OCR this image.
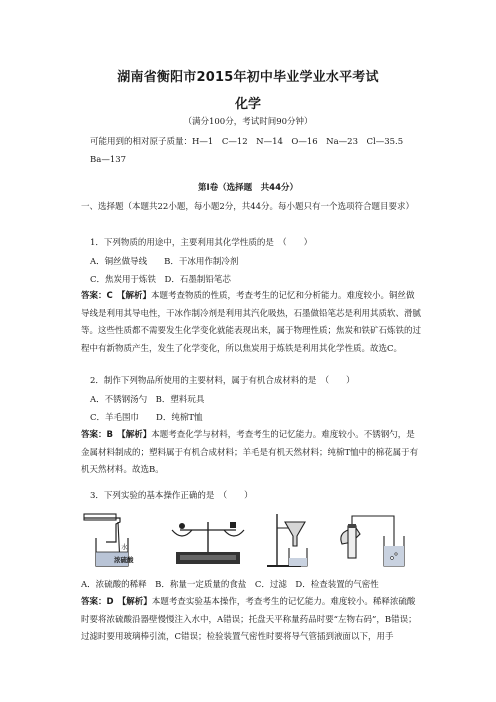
湖南省衡阳市2015年初中毕业学业水平考试
化学
（满分100分，考试时间90分钟）
可能用到的相对原子质量：H—1　C—12　N—14　O—16　Na—23　Cl—35.5　Ba—137
第Ⅰ卷（选择题　共44分）
一、选择题（本题共22小题，每小题2分，共44分。每小题只有一个选项符合题目要求）
1．下列物质的用途中，主要利用其化学性质的是　（　　）
A．铜丝做导线　　B．干冰用作制冷剂
C．焦炭用于炼铁　D．石墨制铅笔芯
答案：C　【解析】本题考查物质的性质，考查考生的记忆和分析能力。难度较小。铜丝做导线是利用其导电性，干冰作制冷剂是利用其汽化吸热，石墨做铅笔芯是利用其质软、滑腻等。这些性质都不需要发生化学变化就能表现出来，属于物理性质；焦炭和铁矿石炼铁的过程中有新物质产生，发生了化学变化，所以焦炭用于炼铁是利用其化学性质。故选C。
2．制作下列物品所使用的主要材料，属于有机合成材料的是　（　　）
A．不锈钢汤勺　B．塑料玩具
C．羊毛围巾　　D．纯棉T恤
答案：B　【解析】本题考查化学与材料，考查考生的记忆能力。难度较小。不锈钢勺，是金属材料制成的；塑料属于有机合成材料；羊毛是有机天然材料；纯棉T恤中的棉花属于有机天然材料。故选B。
3．下列实验的基本操作正确的是　（　　）
水
浓硫酸
A．浓硫酸的稀释　B．称量一定质量的食盐　C．过滤　D．检查装置的气密性
答案：D　【解析】本题考查实验基本操作，考查考生的记忆能力。难度较小。稀释浓硫酸时要将浓硫酸沿器壁慢慢注入水中，A错误；托盘天平称量药品时要“左物右码”，B错误；过滤时要用玻璃棒引流，C错误；检验装置气密性时要将导气管插到液面以下，用手
